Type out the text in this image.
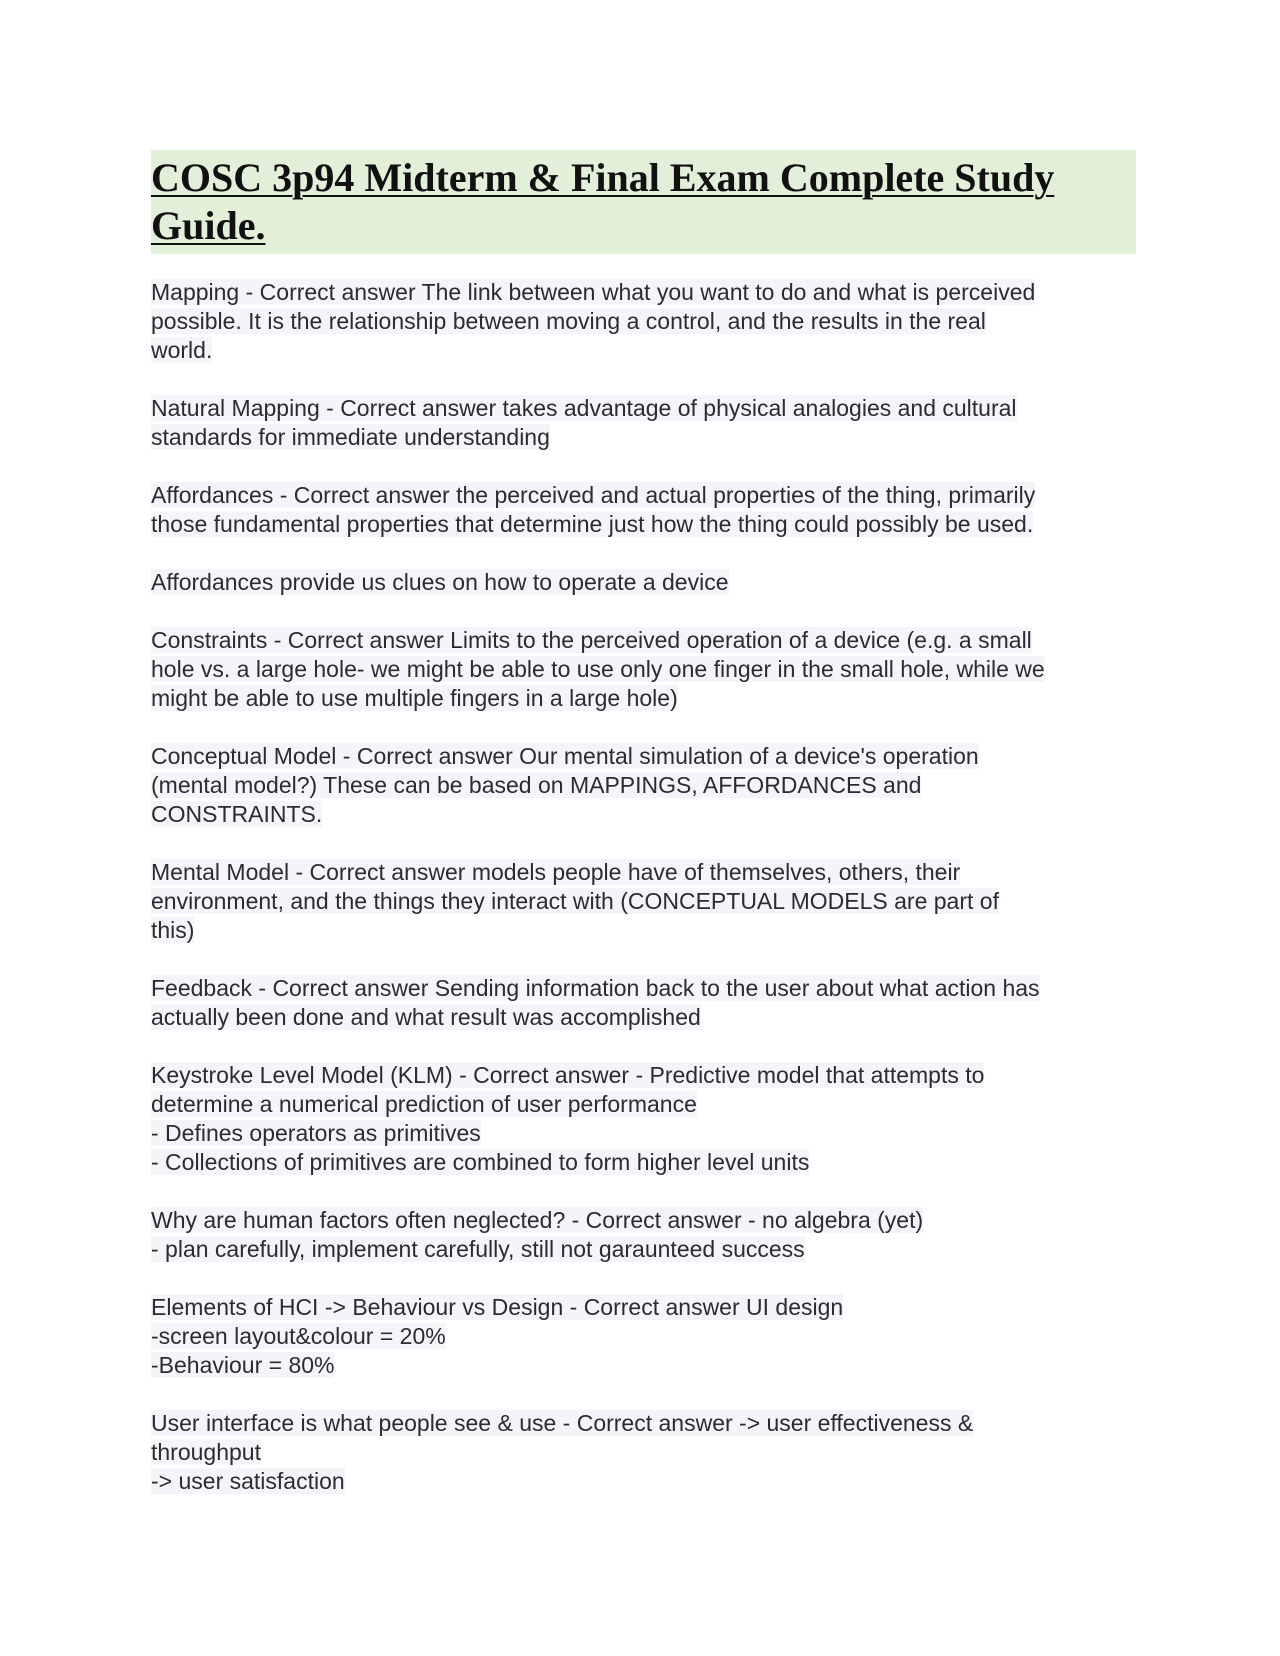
COSC 3p94 Midterm & Final Exam Complete Study Guide.

Mapping - Correct answer The link between what you want to do and what is perceived
possible. It is the relationship between moving a control, and the results in the real
world.

Natural Mapping - Correct answer takes advantage of physical analogies and cultural
standards for immediate understanding

Affordances - Correct answer the perceived and actual properties of the thing, primarily
those fundamental properties that determine just how the thing could possibly be used.

Affordances provide us clues on how to operate a device

Constraints - Correct answer Limits to the perceived operation of a device (e.g. a small
hole vs. a large hole- we might be able to use only one finger in the small hole, while we
might be able to use multiple fingers in a large hole)

Conceptual Model - Correct answer Our mental simulation of a device's operation
(mental model?) These can be based on MAPPINGS, AFFORDANCES and
CONSTRAINTS.

Mental Model - Correct answer models people have of themselves, others, their
environment, and the things they interact with (CONCEPTUAL MODELS are part of
this)

Feedback - Correct answer Sending information back to the user about what action has
actually been done and what result was accomplished

Keystroke Level Model (KLM) - Correct answer - Predictive model that attempts to
determine a numerical prediction of user performance
- Defines operators as primitives
- Collections of primitives are combined to form higher level units

Why are human factors often neglected? - Correct answer - no algebra (yet)
- plan carefully, implement carefully, still not garaunteed success

Elements of HCI -> Behaviour vs Design - Correct answer UI design
-screen layout&colour = 20%
-Behaviour = 80%

User interface is what people see & use - Correct answer -> user effectiveness &
throughput
-> user satisfaction
